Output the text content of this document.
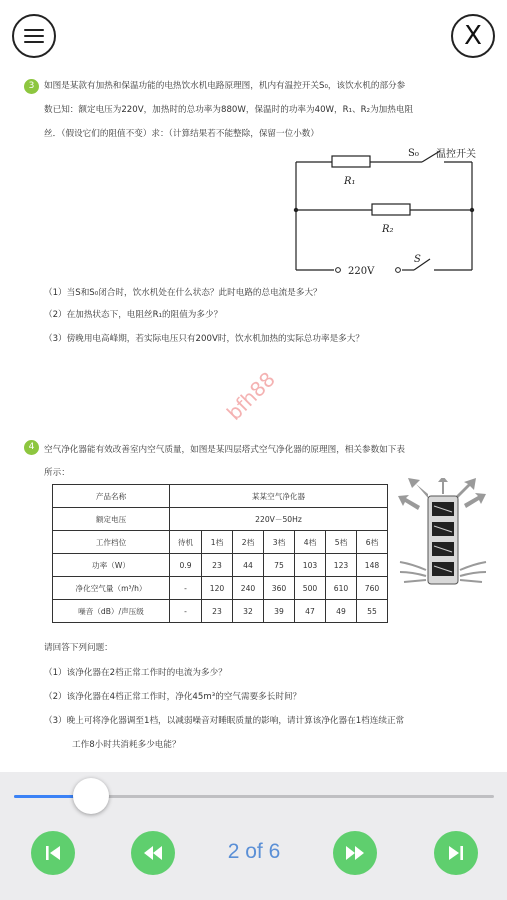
X
3	如图是某款有加热和保温功能的电热饮水机电路原理图，机内有温控开关S₀，该饮水机的部分参
数已知：额定电压为220V，加热时的总功率为880W，保温时的功率为40W，R₁、R₂为加热电阻
丝．（假设它们的阻值不变）求：（计算结果若不能整除，保留一位小数）
S₀ 温控开关
R₁
R₂
220V
S
（1）当S和S₀闭合时，饮水机处在什么状态？此时电路的总电流是多大？
（2）在加热状态下，电阻丝R₁的阻值为多少？
（3）傍晚用电高峰期，若实际电压只有200V时，饮水机加热的实际总功率是多大？
bfh88
4	空气净化器能有效改善室内空气质量，如图是某四层塔式空气净化器的原理图，相关参数如下表
所示：
产品名称	某某空气净化器						
额定电压	220V－50Hz						
工作档位	待机	1档	2档	3档	4档	5档	6档
功率（W）	0.9	23	44	75	103	123	148
净化空气量（m³/h）	-	120	240	360	500	610	760
噪音（dB）/声压级	-	23	32	39	47	49	55
请回答下列问题：
（1）该净化器在2档正常工作时的电流为多少？
（2）该净化器在4档正常工作时，净化45m³的空气需要多长时间？
（3）晚上可将净化器调至1档，以减弱噪音对睡眠质量的影响，请计算该净化器在1档连续正常
工作8小时共消耗多少电能？
2 of 6
